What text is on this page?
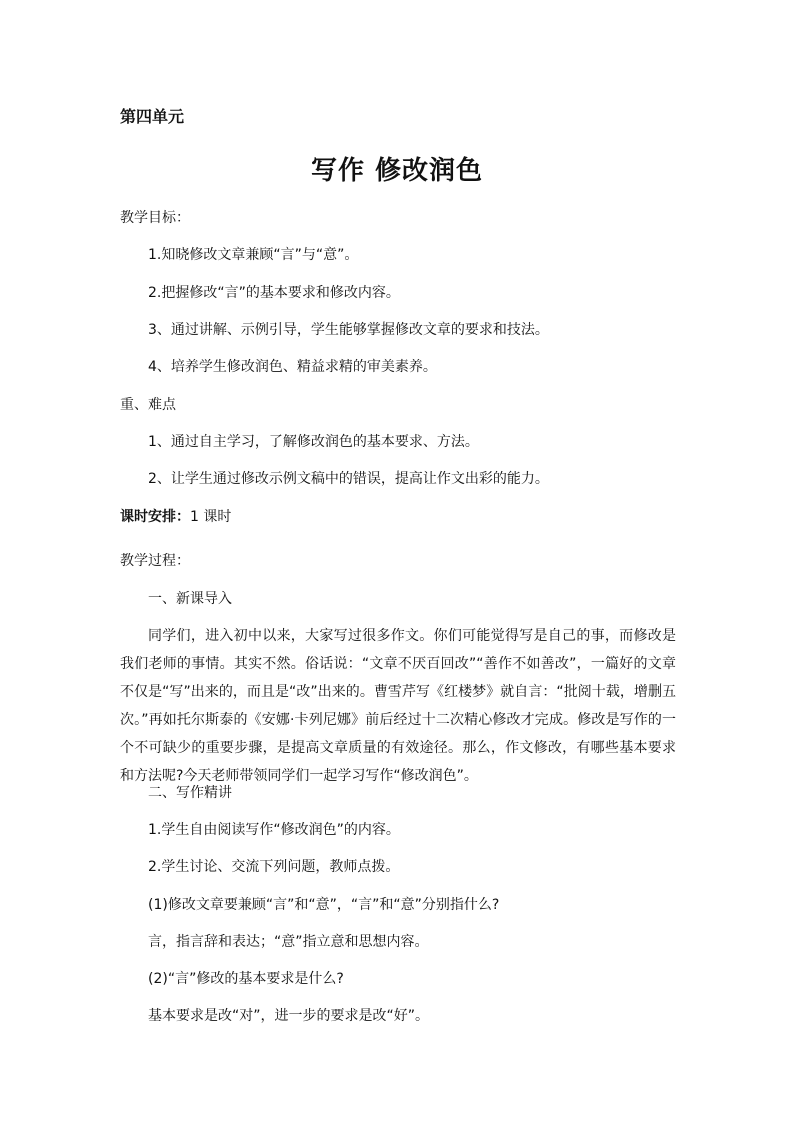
第四单元
写作 修改润色
教学目标：
1.知晓修改文章兼顾“言”与“意”。
2.把握修改“言”的基本要求和修改内容。
3、通过讲解、示例引导，学生能够掌握修改文章的要求和技法。
4、培养学生修改润色、精益求精的审美素养。
重、难点
1、通过自主学习，了解修改润色的基本要求、方法。
2、让学生通过修改示例文稿中的错误，提高让作文出彩的能力。
课时安排：1 课时
教学过程：
一、新课导入
同学们，进入初中以来，大家写过很多作文。你们可能觉得写是自己的事，而修改是我们老师的事情。其实不然。俗话说：“文章不厌百回改”“善作不如善改”，一篇好的文章不仅是“写”出来的，而且是“改”出来的。曹雪芹写《红楼梦》就自言：“批阅十载，增删五次。”再如托尔斯泰的《安娜·卡列尼娜》前后经过十二次精心修改才完成。修改是写作的一个不可缺少的重要步骤，是提高文章质量的有效途径。那么，作文修改，有哪些基本要求和方法呢?今天老师带领同学们一起学习写作“修改润色”。
二、写作精讲
1.学生自由阅读写作“修改润色”的内容。
2.学生讨论、交流下列问题，教师点拨。
(1)修改文章要兼顾“言”和“意”，“言”和“意”分别指什么?
言，指言辞和表达；“意”指立意和思想内容。
(2)“言”修改的基本要求是什么?
基本要求是改“对”，进一步的要求是改“好”。
